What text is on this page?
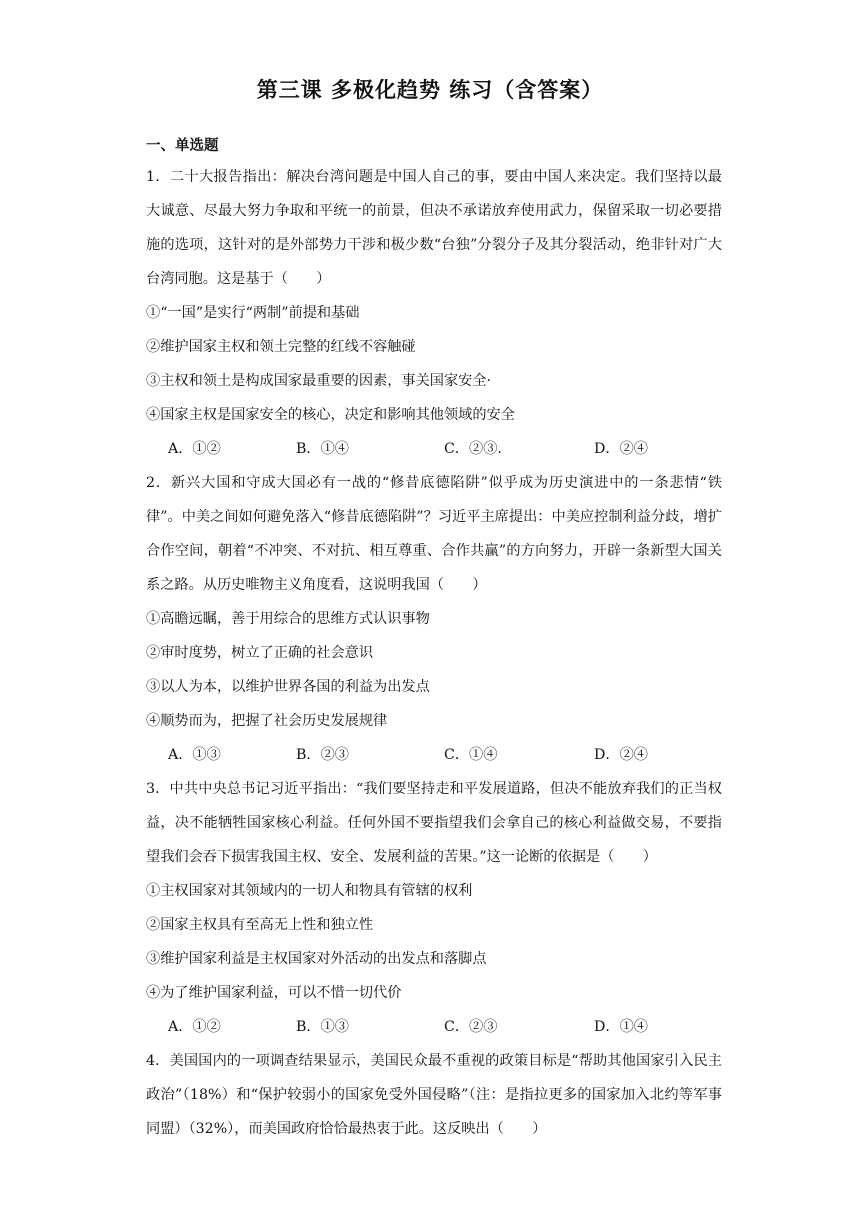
第三课 多极化趋势 练习（含答案）
一、单选题
1．二十大报告指出：解决台湾问题是中国人自己的事，要由中国人来决定。我们坚持以最大诚意、尽最大努力争取和平统一的前景，但决不承诺放弃使用武力，保留采取一切必要措施的选项，这针对的是外部势力干涉和极少数“台独”分裂分子及其分裂活动，绝非针对广大台湾同胞。这是基于（　　）
①“一国”是实行“两制”前提和基础
②维护国家主权和领土完整的红线不容触碰
③主权和领土是构成国家最重要的因素，事关国家安全·
④国家主权是国家安全的核心，决定和影响其他领域的安全
A．①②	B．①④	C．②③.	D．②④
2．新兴大国和守成大国必有一战的“修昔底德陷阱”似乎成为历史演进中的一条悲情“铁律”。中美之间如何避免落入“修昔底德陷阱”？习近平主席提出：中美应控制利益分歧，增扩合作空间，朝着“不冲突、不对抗、相互尊重、合作共赢”的方向努力，开辟一条新型大国关系之路。从历史唯物主义角度看，这说明我国（　　）
①高瞻远瞩，善于用综合的思维方式认识事物
②审时度势，树立了正确的社会意识
③以人为本，以维护世界各国的利益为出发点
④顺势而为，把握了社会历史发展规律
A．①③	B．②③	C．①④	D．②④
3．中共中央总书记习近平指出：“我们要坚持走和平发展道路，但决不能放弃我们的正当权益，决不能牺牲国家核心利益。任何外国不要指望我们会拿自己的核心利益做交易，不要指望我们会吞下损害我国主权、安全、发展利益的苦果。”这一论断的依据是（　　）
①主权国家对其领域内的一切人和物具有管辖的权利
②国家主权具有至高无上性和独立性
③维护国家利益是主权国家对外活动的出发点和落脚点
④为了维护国家利益，可以不惜一切代价
A．①②	B．①③	C．②③	D．①④
4．美国国内的一项调查结果显示，美国民众最不重视的政策目标是“帮助其他国家引入民主政治”（18%）和“保护较弱小的国家免受外国侵略”（注：是指拉更多的国家加入北约等军事同盟）（32%），而美国政府恰恰最热衷于此。这反映出（　　）
